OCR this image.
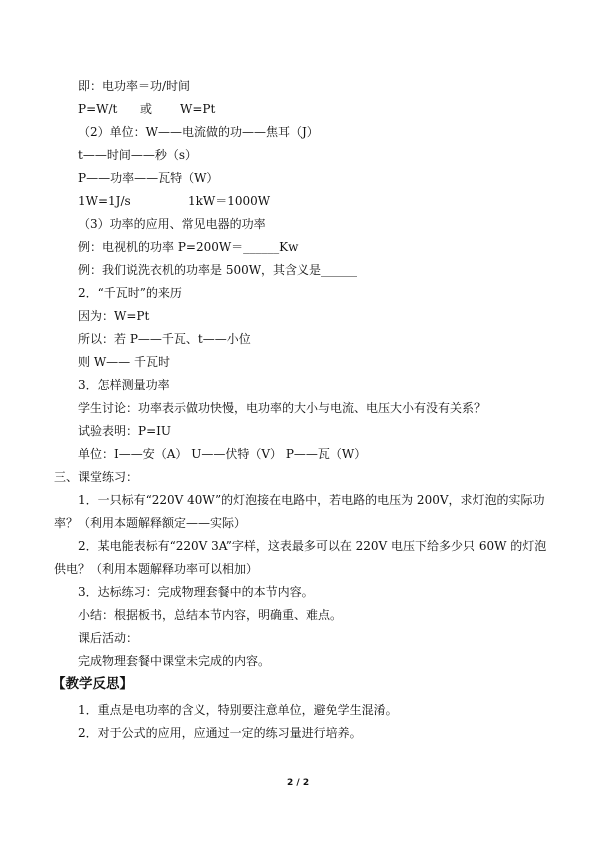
即：电功率＝功/时间
P=W/t 或 W=Pt
（2）单位：W——电流做的功——焦耳（J）
t——时间——秒（s）
P——功率——瓦特（W）
1W=1J/s	1kW＝1000W
（3）功率的应用、常见电器的功率
例：电视机的功率 P=200W＝______Kw
例：我们说洗衣机的功率是 500W，其含义是______
2．“千瓦时”的来历
因为：W=Pt
所以：若 P——千瓦、t——小位
则 W—— 千瓦时
3．怎样测量功率
学生讨论：功率表示做功快慢，电功率的大小与电流、电压大小有没有关系？
试验表明：P=IU
单位：I——安（A） U——伏特（V） P——瓦（W）
三、课堂练习：
1．一只标有“220V 40W”的灯泡接在电路中，若电路的电压为 200V，求灯泡的实际功
率？（利用本题解释额定——实际）
2．某电能表标有“220V 3A”字样，这表最多可以在 220V 电压下给多少只 60W 的灯泡
供电？（利用本题解释功率可以相加）
3．达标练习：完成物理套餐中的本节内容。
小结：根据板书，总结本节内容，明确重、难点。
课后活动：
完成物理套餐中课堂未完成的内容。
【教学反思】
1．重点是电功率的含义，特别要注意单位，避免学生混淆。
2．对于公式的应用，应通过一定的练习量进行培养。
2 / 2
